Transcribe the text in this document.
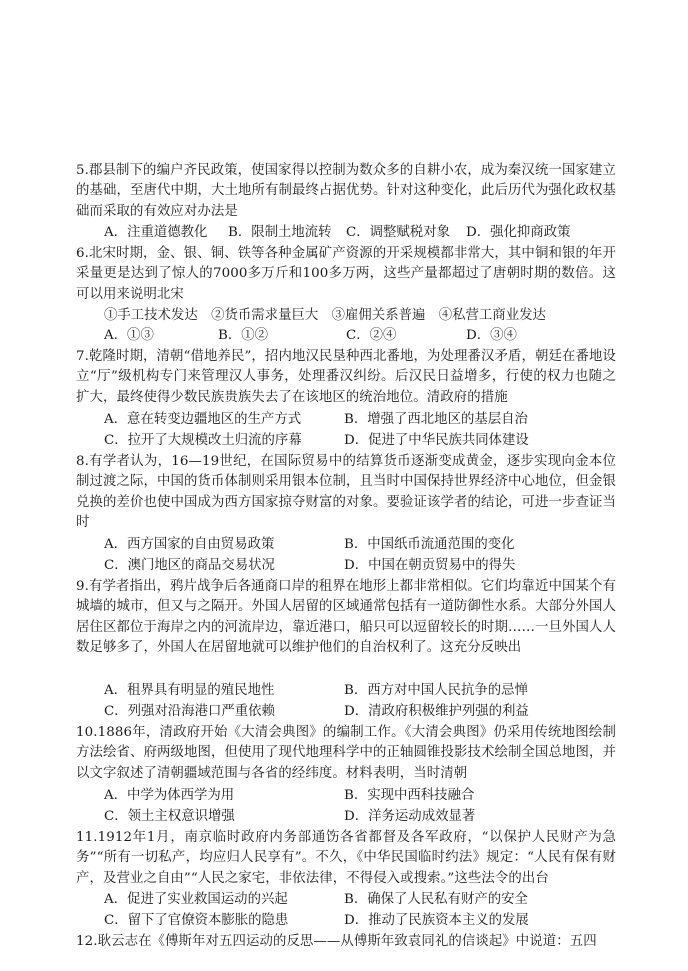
5.郡县制下的编户齐民政策，使国家得以控制为数众多的自耕小农，成为秦汉统一国家建立的基础，至唐代中期，大土地所有制最终占据优势。针对这种变化，此后历代为强化政权基础而采取的有效应对办法是
A．注重道德教化 B．限制土地流转 C．调整赋税对象 D．强化抑商政策
6.北宋时期，金、银、铜、铁等各种金属矿产资源的开采规模都非常大，其中铜和银的年开采量更是达到了惊人的7000多万斤和100多万两，这些产量都超过了唐朝时期的数倍。这可以用来说明北宋
①手工技术发达　②货币需求量巨大　③雇佣关系普遍　④私营工商业发达
A．①③	B．①②	C．②④	D．③④
7.乾隆时期，清朝“借地养民”，招内地汉民垦种西北番地，为处理番汉矛盾，朝廷在番地设立“厅”级机构专门来管理汉人事务，处理番汉纠纷。后汉民日益增多，行使的权力也随之扩大，最终使得少数民族贵族失去了在该地区的统治地位。清政府的措施
A．意在转变边疆地区的生产方式	B．增强了西北地区的基层自治
C．拉开了大规模改土归流的序幕	D．促进了中华民族共同体建设
8.有学者认为，16—19世纪，在国际贸易中的结算货币逐渐变成黄金，逐步实现向金本位制过渡之际，中国的货币体制则采用银本位制，且当时中国保持世界经济中心地位，但金银兑换的差价也使中国成为西方国家掠夺财富的对象。要验证该学者的结论，可进一步查证当时
A．西方国家的自由贸易政策	B．中国纸币流通范围的变化
C．澳门地区的商品交易状况	D．中国在朝贡贸易中的得失
9.有学者指出，鸦片战争后各通商口岸的租界在地形上都非常相似。它们均靠近中国某个有城墙的城市，但又与之隔开。外国人居留的区域通常包括有一道防御性水系。大部分外国人居住区都位于海岸之内的河流岸边，靠近港口，船只可以逗留较长的时期……一旦外国人人数足够多了，外国人在居留地就可以维护他们的自治权利了。这充分反映出
A．租界具有明显的殖民地性	B．西方对中国人民抗争的忌惮
C．列强对沿海港口严重依赖	D．清政府积极维护列强的利益
10.1886年，清政府开始《大清会典图》的编制工作。《大清会典图》仍采用传统地图绘制方法绘省、府两级地图，但使用了现代地理科学中的正轴圆锥投影技术绘制全国总地图，并以文字叙述了清朝疆域范围与各省的经纬度。材料表明，当时清朝
A．中学为体西学为用	B．实现中西科技融合
C．领土主权意识增强	D．洋务运动成效显著
11.1912年1月，南京临时政府内务部通饬各省都督及各军政府，“以保护人民财产为急务”“所有一切私产，均应归人民享有”。不久，《中华民国临时约法》规定：“人民有保有财产，及营业之自由”“人民之家宅，非依法律，不得侵入或搜索。”这些法令的出台
A．促进了实业救国运动的兴起	B．确保了人民私有财产的安全
C．留下了官僚资本膨胀的隐患	D．推动了民族资本主义的发展
12.耿云志在《傅斯年对五四运动的反思——从傅斯年致袁同礼的信谈起》中说道：五四
